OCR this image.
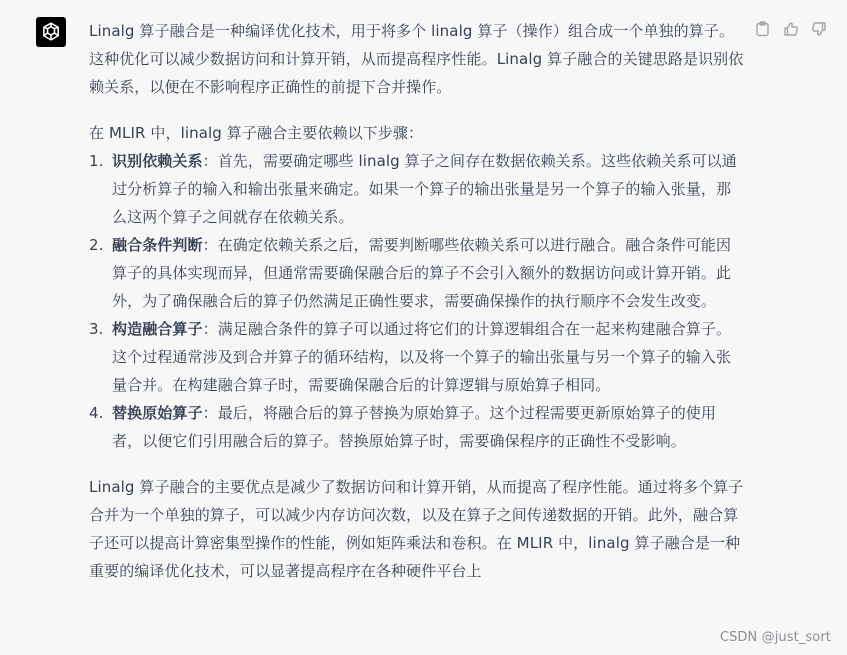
Linalg 算子融合是一种编译优化技术，用于将多个 linalg 算子（操作）组合成一个单独的算子。这种优化可以减少数据访问和计算开销，从而提高程序性能。Linalg 算子融合的关键思路是识别依赖关系，以便在不影响程序正确性的前提下合并操作。

在 MLIR 中，linalg 算子融合主要依赖以下步骤：

1. 识别依赖关系：首先，需要确定哪些 linalg 算子之间存在数据依赖关系。这些依赖关系可以通过分析算子的输入和输出张量来确定。如果一个算子的输出张量是另一个算子的输入张量，那么这两个算子之间就存在依赖关系。
2. 融合条件判断：在确定依赖关系之后，需要判断哪些依赖关系可以进行融合。融合条件可能因算子的具体实现而异，但通常需要确保融合后的算子不会引入额外的数据访问或计算开销。此外，为了确保融合后的算子仍然满足正确性要求，需要确保操作的执行顺序不会发生改变。
3. 构造融合算子：满足融合条件的算子可以通过将它们的计算逻辑组合在一起来构建融合算子。这个过程通常涉及到合并算子的循环结构，以及将一个算子的输出张量与另一个算子的输入张量合并。在构建融合算子时，需要确保融合后的计算逻辑与原始算子相同。
4. 替换原始算子：最后，将融合后的算子替换为原始算子。这个过程需要更新原始算子的使用者，以便它们引用融合后的算子。替换原始算子时，需要确保程序的正确性不受影响。

Linalg 算子融合的主要优点是减少了数据访问和计算开销，从而提高了程序性能。通过将多个算子合并为一个单独的算子，可以减少内存访问次数，以及在算子之间传递数据的开销。此外，融合算子还可以提高计算密集型操作的性能，例如矩阵乘法和卷积。在 MLIR 中，linalg 算子融合是一种重要的编译优化技术，可以显著提高程序在各种硬件平台上

CSDN @just_sort
